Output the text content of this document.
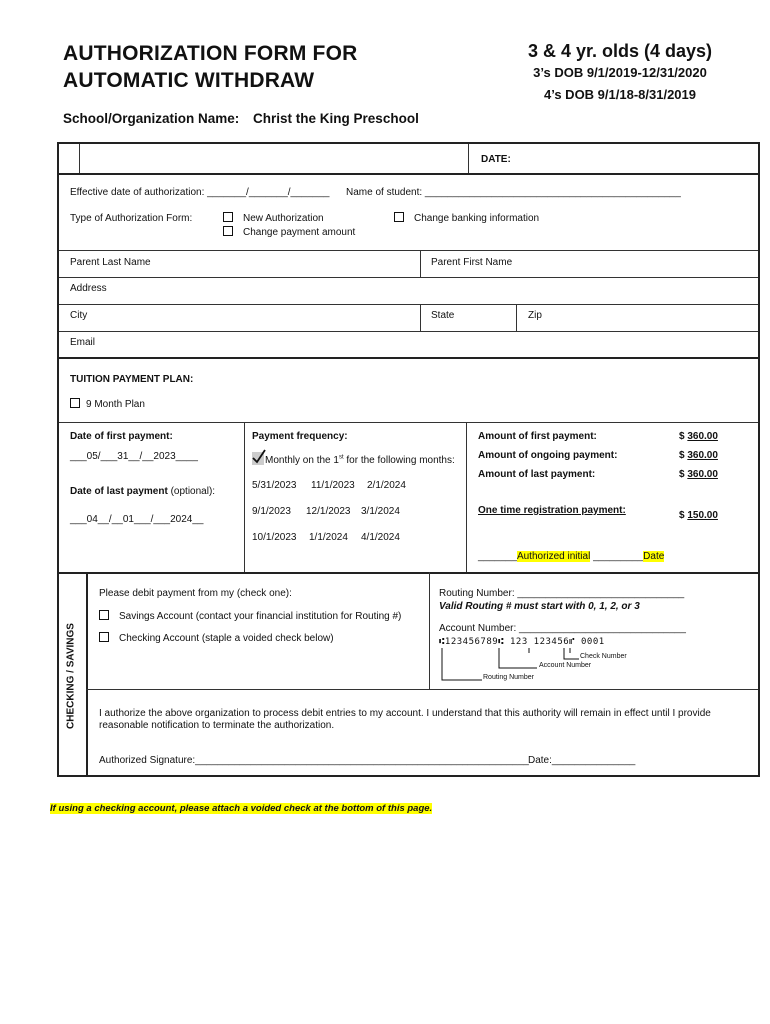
AUTHORIZATION FORM FOR
AUTOMATIC WITHDRAW
3 & 4 yr. olds (4 days)
3’s DOB 9/1/2019-12/31/2020
4’s DOB 9/1/18-8/31/2019
School/Organization Name: Christ the King Preschool
DATE:
Effective date of authorization: _______/_______/_______ Name of student: ______________________________________________
Type of Authorization Form:	New Authorization
Change payment amount
Change banking information
Parent Last Name	Parent First Name
Address
City	State	Zip
Email
TUITION PAYMENT PLAN:
9 Month Plan
Date of first payment:
___05/___31__/__2023____
Date of last payment (optional):
___04__/__01___/___2024__
Payment frequency:
Monthly on the 1st for the following months:
5/31/2023 11/1/2023 2/1/2024
9/1/2023 12/1/2023 3/1/2024
10/1/2023 1/1/2024 4/1/2024
Amount of first payment:	$ 360.00
Amount of ongoing payment:	$ 360.00
Amount of last payment:	$ 360.00
One time registration payment:	$ 150.00
_______Authorized initial _________Date
CHECKING / SAVINGS
Please debit payment from my (check one):
Savings Account (contact your financial institution for Routing #)
Checking Account (staple a voided check below)
Routing Number: ______________________________
Valid Routing # must start with 0, 1, 2, or 3
Account Number: ______________________________
⑆123456789⑆ 123 123456⑈ 0001
Check Number
Account Number
Routing Number
I authorize the above organization to process debit entries to my account. I understand that this authority will remain in effect until I provide
reasonable notification to terminate the authorization.
Authorized Signature:____________________________________________________________ Date:_______________
If using a checking account, please attach a voided check at the bottom of this page.
